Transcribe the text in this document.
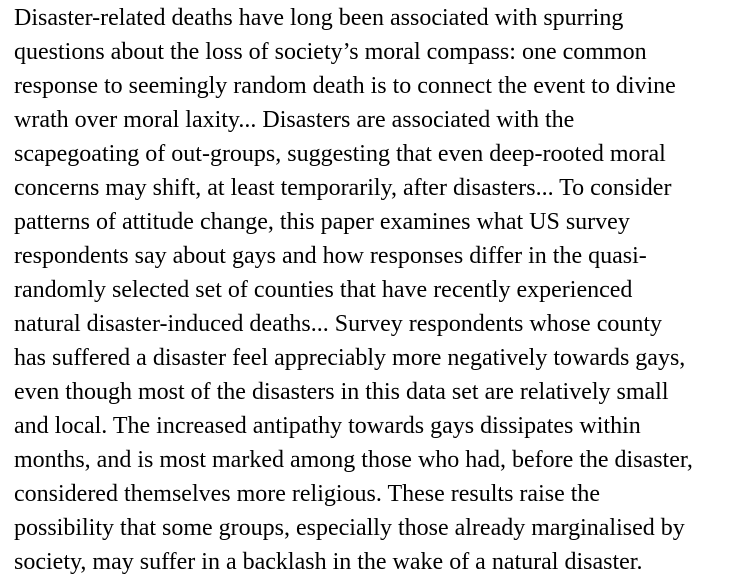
Disaster-related deaths have long been associated with spurring
questions about the loss of society’s moral compass: one common
response to seemingly random death is to connect the event to divine
wrath over moral laxity... Disasters are associated with the
scapegoating of out-groups, suggesting that even deep-rooted moral
concerns may shift, at least temporarily, after disasters... To consider
patterns of attitude change, this paper examines what US survey
respondents say about gays and how responses differ in the quasi-
randomly selected set of counties that have recently experienced
natural disaster-induced deaths... Survey respondents whose county
has suffered a disaster feel appreciably more negatively towards gays,
even though most of the disasters in this data set are relatively small
and local. The increased antipathy towards gays dissipates within
months, and is most marked among those who had, before the disaster,
considered themselves more religious. These results raise the
possibility that some groups, especially those already marginalised by
society, may suffer in a backlash in the wake of a natural disaster.
